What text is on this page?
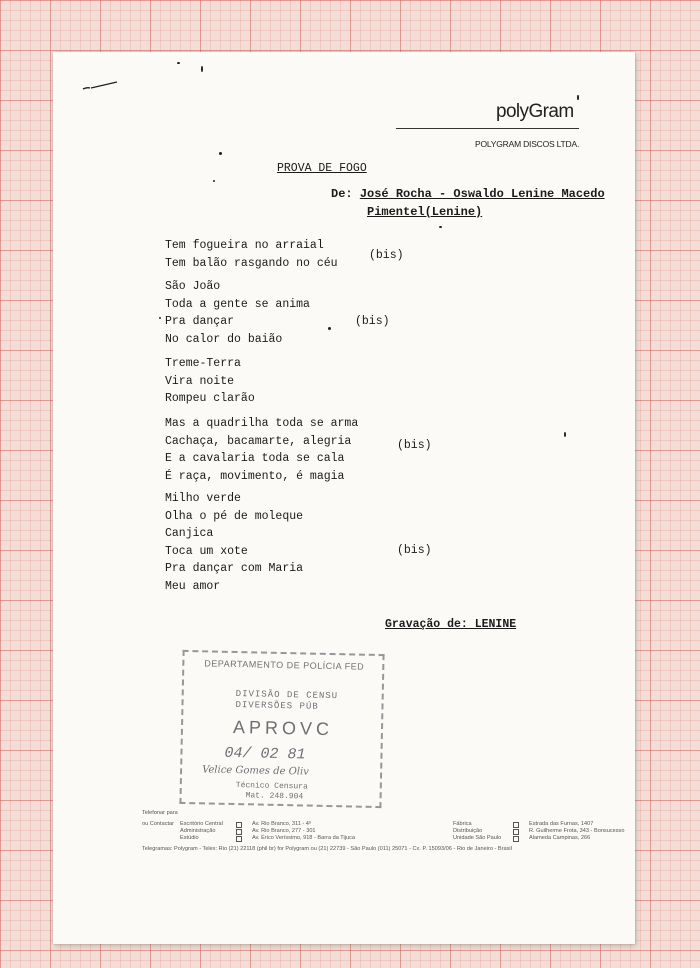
polyGram
POLYGRAM DISCOS LTDA.
PROVA DE FOGO
De: José Rocha - Oswaldo Lenine Macedo
Pimentel(Lenine)
Tem fogueira no arraial
Tem balão rasgando no céu
(bis)
São João
Toda a gente se anima
Pra dançar
No calor do baião
(bis)
Treme-Terra
Vira noite
Rompeu clarão
Mas a quadrilha toda se arma
Cachaça, bacamarte, alegria
E a cavalaria toda se cala
É raça, movimento, é magia
(bis)
Milho verde
Olha o pé de moleque
Canjica
Toca um xote
Pra dançar com Maria
Meu amor
(bis)
Gravação de: LENINE
DEPARTAMENTO DE POLÍCIA FED
DIVISÃO DE CENSU
DIVERSÕES PÚB
APROVC
04/ 02 81
Velice Gomes de Oliv
Técnico Censura
Mat. 248.904
Telefonar para
ou Contactar Escritório Central
Administração
Estúdio
Av. Rio Branco, 311 - 4º
Av. Rio Branco, 277 - 301
Av. Érico Veríssimo, 918 - Barra da Tijuca
Fábrica
Distribuição
Unidade São Paulo
Estrada das Furnas, 1407
R. Guilherme Frota, 343 - Bonsucesso
Alameda Campinas, 266
Telegramas: Polygram - Telex: Rio (21) 22118 (phil br) for Polygram ou (21) 22739 - São Paulo (011) 25071 - Cx. P. 15093/06 - Rio de Janeiro - Brasil
